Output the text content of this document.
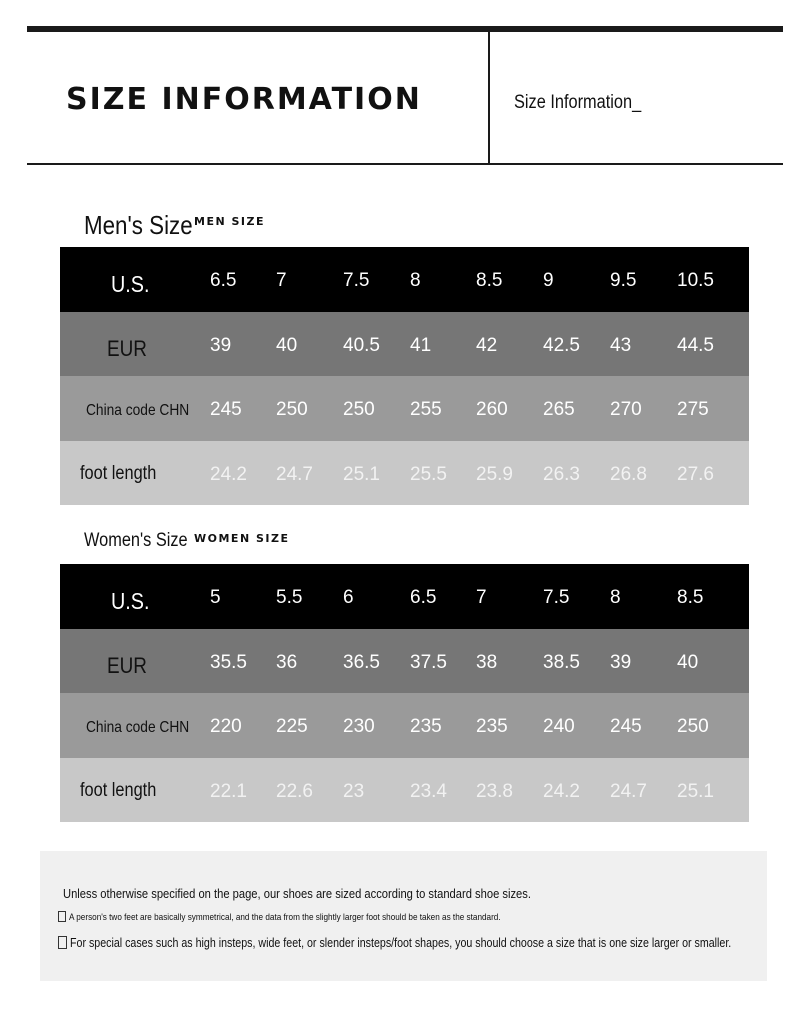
SIZE INFORMATION	Size Information_
Men's Size MEN SIZE
U.S.	6.5 7	7.5 8	8.5 9	9.5 10.5
EUR	39 40 40.5 41 42 42.5 43 44.5
China code CHN 245 250 250 255 260 265 270 275
foot length	24.2 24.7 25.1 25.5 25.9 26.3 26.8 27.6
Women's Size WOMEN SIZE
U.S.	5	5.5 6	6.5 7	7.5 8	8.5
EUR	35.5 36 36.5 37.5 38 38.5 39 40
China code CHN 220 225 230 235 235 240 245 250
foot length	22.1 22.6 23 23.4 23.8 24.2 24.7 25.1
Unless otherwise specified on the page, our shoes are sized according to standard shoe sizes.
A person's two feet are basically symmetrical, and the data from the slightly larger foot should be taken as the standard.
For special cases such as high insteps, wide feet, or slender insteps/foot shapes, you should choose a size that is one size larger or smaller.
